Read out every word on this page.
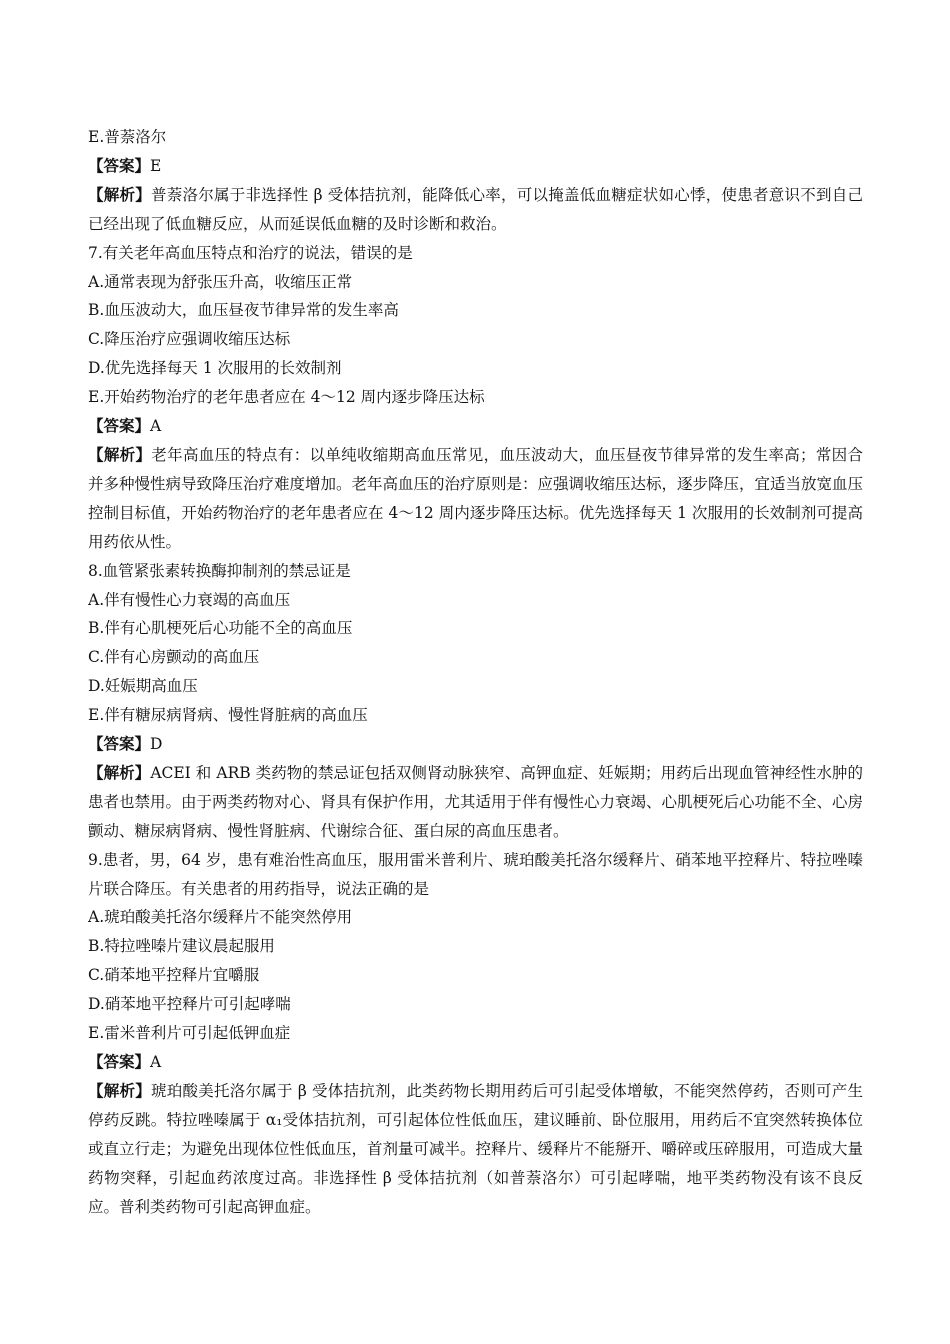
E.普萘洛尔
【答案】E
【解析】普萘洛尔属于非选择性 β 受体拮抗剂，能降低心率，可以掩盖低血糖症状如心悸，使患者意识不到自己已经出现了低血糖反应，从而延误低血糖的及时诊断和救治。
7.有关老年高血压特点和治疗的说法，错误的是
A.通常表现为舒张压升高，收缩压正常
B.血压波动大，血压昼夜节律异常的发生率高
C.降压治疗应强调收缩压达标
D.优先选择每天 1 次服用的长效制剂
E.开始药物治疗的老年患者应在 4～12 周内逐步降压达标
【答案】A
【解析】老年高血压的特点有：以单纯收缩期高血压常见，血压波动大，血压昼夜节律异常的发生率高；常因合并多种慢性病导致降压治疗难度增加。老年高血压的治疗原则是：应强调收缩压达标，逐步降压，宜适当放宽血压控制目标值，开始药物治疗的老年患者应在 4～12 周内逐步降压达标。优先选择每天 1 次服用的长效制剂可提高用药依从性。
8.血管紧张素转换酶抑制剂的禁忌证是
A.伴有慢性心力衰竭的高血压
B.伴有心肌梗死后心功能不全的高血压
C.伴有心房颤动的高血压
D.妊娠期高血压
E.伴有糖尿病肾病、慢性肾脏病的高血压
【答案】D
【解析】ACEI 和 ARB 类药物的禁忌证包括双侧肾动脉狭窄、高钾血症、妊娠期；用药后出现血管神经性水肿的患者也禁用。由于两类药物对心、肾具有保护作用，尤其适用于伴有慢性心力衰竭、心肌梗死后心功能不全、心房颤动、糖尿病肾病、慢性肾脏病、代谢综合征、蛋白尿的高血压患者。
9.患者，男，64 岁，患有难治性高血压，服用雷米普利片、琥珀酸美托洛尔缓释片、硝苯地平控释片、特拉唑嗪片联合降压。有关患者的用药指导，说法正确的是
A.琥珀酸美托洛尔缓释片不能突然停用
B.特拉唑嗪片建议晨起服用
C.硝苯地平控释片宜嚼服
D.硝苯地平控释片可引起哮喘
E.雷米普利片可引起低钾血症
【答案】A
【解析】琥珀酸美托洛尔属于 β 受体拮抗剂，此类药物长期用药后可引起受体增敏，不能突然停药，否则可产生停药反跳。特拉唑嗪属于 α₁受体拮抗剂，可引起体位性低血压，建议睡前、卧位服用，用药后不宜突然转换体位或直立行走；为避免出现体位性低血压，首剂量可减半。控释片、缓释片不能掰开、嚼碎或压碎服用，可造成大量药物突释，引起血药浓度过高。非选择性 β 受体拮抗剂（如普萘洛尔）可引起哮喘，地平类药物没有该不良反应。普利类药物可引起高钾血症。
